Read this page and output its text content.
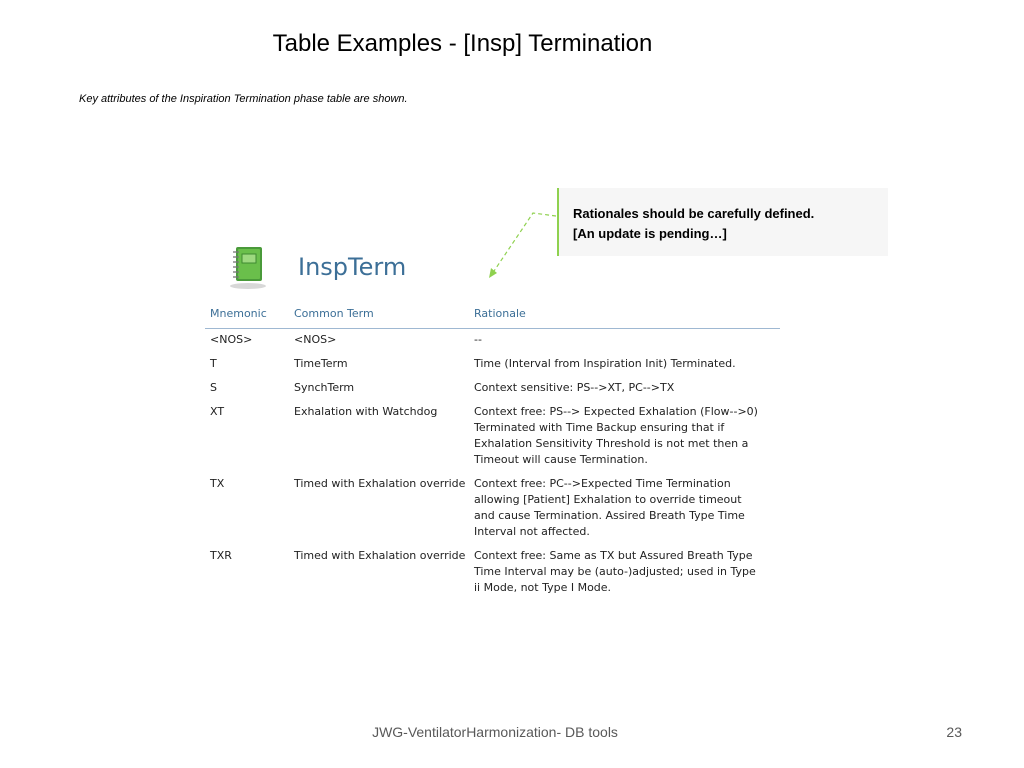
Table Examples - [Insp] Termination
Key attributes of the Inspiration Termination phase table are shown.
Rationales should be carefully defined.
[An update is pending…]
InspTerm
Mnemonic	Common Term	Rationale
<NOS>	<NOS>	--

T	TimeTerm	Time (Interval from Inspiration Init) Terminated.

S	SynchTerm	Context sensitive: PS-->XT, PC-->TX

XT	Exhalation with Watchdog	Context free: PS--> Expected Exhalation (Flow-->0)
Terminated with Time Backup ensuring that if
Exhalation Sensitivity Threshold is not met then a
Timeout will cause Termination.

TX	Timed with Exhalation override	Context free: PC-->Expected Time Termination
allowing [Patient] Exhalation to override timeout
and cause Termination. Assired Breath Type Time
Interval not affected.

TXR	Timed with Exhalation override	Context free: Same as TX but Assured Breath Type
Time Interval may be (auto-)adjusted; used in Type
ii Mode, not Type I Mode.
JWG-VentilatorHarmonization- DB tools	23
